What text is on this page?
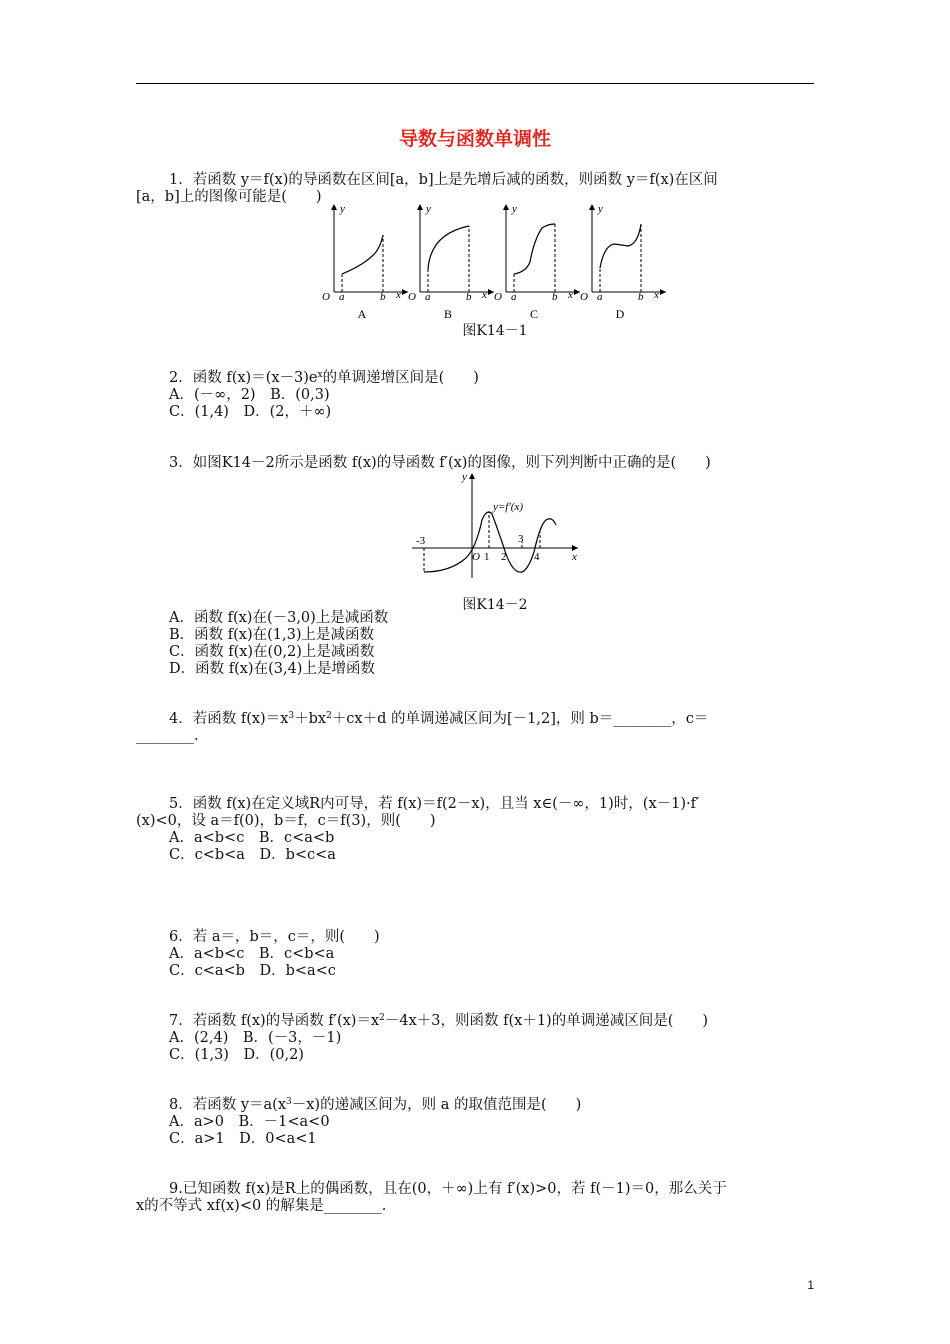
导数与函数单调性

1．若函数 y＝f(x)的导函数在区间[a，b]上是先增后减的函数，则函数 y＝f(x)在区间

[a，b]上的图像可能是(　　)

y
O a	b x
A
y
O a	b x
B
y
O a	b x
C
y
O a	b x
D
图K14－1

2．函数 $f(x)=(x-3)e^x$的单调递增区间是(　　)

A．(－∞，2)　B．(0,3)

C．(1,4)　D．(2，＋∞)

3．如图K14－2所示是函数 f(x)的导函数 f′(x)的图像，则下列判断中正确的是(　　)

y=f′(x)
y
x
O
-3
1 2
3
4
图K14－2

A．函数 f(x)在(－3,0)上是减函数

B．函数 f(x)在(1,3)上是减函数

C．函数 f(x)在(0,2)上是减函数

D．函数 f(x)在(3,4)上是增函数

4．若函数 $f(x)=x^3+bx^2+cx+d$ 的单调递减区间为[－1,2]，则 b＝________，c＝

________.

5．函数 f(x)在定义域R内可导，若 f(x)＝f(2－x)，且当 x∈(－∞，1)时，(x－1)·f′

(x)<0，设 a＝f(0)，b＝f，c＝f(3)，则(　　)

A．a<b<c　B．c<a<b

C．c<b<a　D．b<c<a

6．若 a＝，b＝，c＝，则(　　)

A．a<b<c　B．c<b<a

C．c<a<b　D．b<a<c

7．若函数 f(x)的导函数 $f'(x)=x^2-4x+3$，则函数 f(x＋1)的单调递减区间是(　　)

A．(2,4)　B．(－3，－1)

C．(1,3)　D．(0,2)

8．若函数 $y=a(x^3-x)$的递减区间为，则 a 的取值范围是(　　)

A．a>0　B．－1<a<0

C．a>1　D．0<a<1

9.已知函数 f(x)是R上的偶函数，且在(0，＋∞)上有 f′(x)>0，若 f(－1)＝0，那么关于

x的不等式 xf(x)<0 的解集是________.

1
